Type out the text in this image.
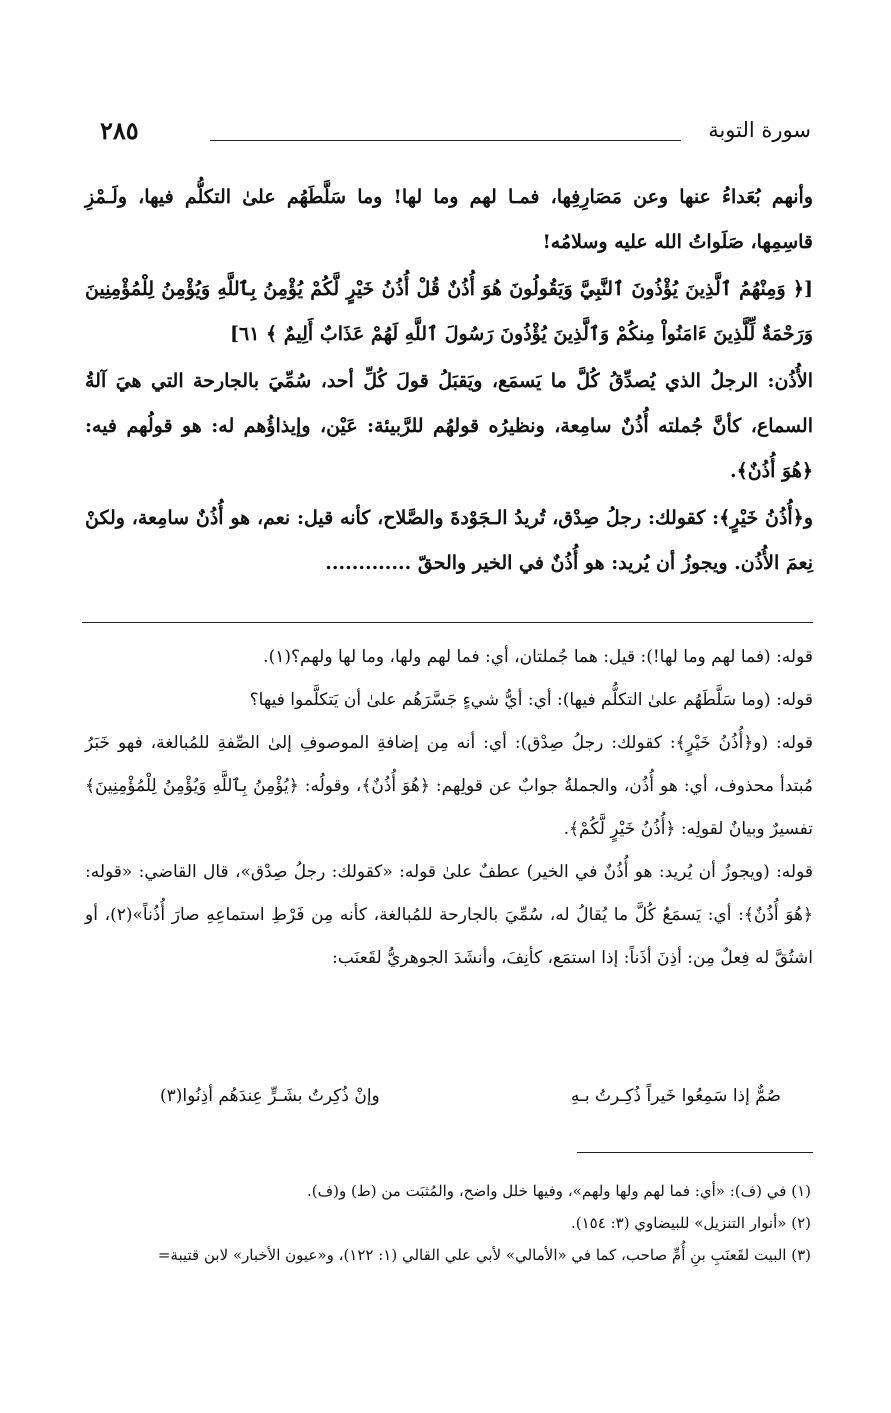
سورة التوبة
٢٨٥

وأنهم بُعَداءُ عنها وعن مَصَارِفِها، فمـا لهم وما لها! وما سَلَّطَهُم علىٰ التكلُّم فيها، ولَـمْزِ قاسِمِها، صَلَواتُ الله عليه وسلامُه!

[﴿ وَمِنْهُمُ ٱلَّذِينَ يُؤْذُونَ ٱلنَّبِيَّ وَيَقُولُونَ هُوَ أُذُنٌ قُلْ أُذُنُ خَيْرٍ لَّكُمْ يُؤْمِنُ بِٱللَّهِ وَيُؤْمِنُ لِلْمُؤْمِنِينَ وَرَحْمَةٌ لِّلَّذِينَ ءَامَنُواْ مِنكُمْ وَٱلَّذِينَ يُؤْذُونَ رَسُولَ ٱللَّهِ لَهُمْ عَذَابٌ أَلِيمٌ ﴾ ٦١]

الأُذُن: الرجلُ الذي يُصدِّقُ كُلَّ ما يَسمَع، ويَقبَلُ قولَ كُلِّ أحد، سُمِّيَ بالجارحة التي هيَ آلةُ السماع، كأنَّ جُملته أُذُنٌ سامِعة، ونظيرُه قولهُم للرَّبيئة: عَيْن، وإيذاؤُهم له: هو قولُهم فيه: ﴿هُوَ أُذُنٌ﴾.

و﴿أُذُنُ خَيْرٍ﴾: كقولك: رجلُ صِدْق، تُريدُ الـجَوْدةَ والصَّلاح، كأنه قيل: نعم، هو أُذُنٌ سامِعة، ولكنْ نِعمَ الأُذُن. ويجوزُ أن يُريد: هو أُذُنٌ في الخير والحقّ .............

قوله: (فما لهم وما لها!): قيل: هما جُملتان، أي: فما لهم ولها، وما لها ولهم؟(١).

قوله: (وما سَلَّطَهُم علىٰ التكلُّم فيها): أي: أيُّ شيءٍ جَسَّرَهُم علىٰ أن يَتكلَّموا فيها؟

قوله: (و﴿أُذُنُ خَيْرٍ﴾: كقولك: رجلُ صِدْق): أي: أنه مِن إضافةِ الموصوفِ إلىٰ الصِّفةِ للمُبالغة، فهو خَبَرُ مُبتدأ محذوف، أي: هو أُذُن، والجملةُ جوابٌ عن قولِهم: ﴿هُوَ أُذُنٌ﴾، وقولُه: ﴿يُؤْمِنُ بِٱللَّهِ وَيُؤْمِنُ لِلْمُؤْمِنِينَ﴾ تفسيرٌ وبيانٌ لقولِه: ﴿أُذُنُ خَيْرٍ لَّكُمْ﴾.

قوله: (ويجوزُ أن يُريد: هو أُذُنٌ في الخير) عطفٌ علىٰ قوله: «كقولك: رجلُ صِدْق»، قال القاضي: «قوله: ﴿هُوَ أُذُنٌ﴾: أي: يَسمَعُ كُلَّ ما يُقالُ له، سُمِّيَ بالجارحة للمُبالغة، كأنه مِن فَرْطِ استماعِهِ صارَ أُذُناً»(٢)، أو اشتُقَّ له فِعلٌ مِن: أذِنَ أذَناً: إذا استمَع، كأنِفَ، وأنشَدَ الجوهريُّ لقَعنَب:

صُمٌّ إذا سَمِعُوا خَيراً ذُكِـرتُ بـهِ
وإنْ ذُكِرتُ بشَـرٍّ عِندَهُم أذِنُوا(٣)

(١) في (ف): «أي: فما لهم ولها ولهم»، وفيها خلل واضح، والمُثبَت من (ط) و(ف).

(٢) «أنوار التنزيل» للبيضاوي (٣: ١٥٤).

(٣) البيت لقَعنَبِ بنِ أُمِّ صاحب، كما في «الأمالي» لأبي علي القالي (١: ١٢٢)، و«عيون الأخبار» لابن قتيبة=
